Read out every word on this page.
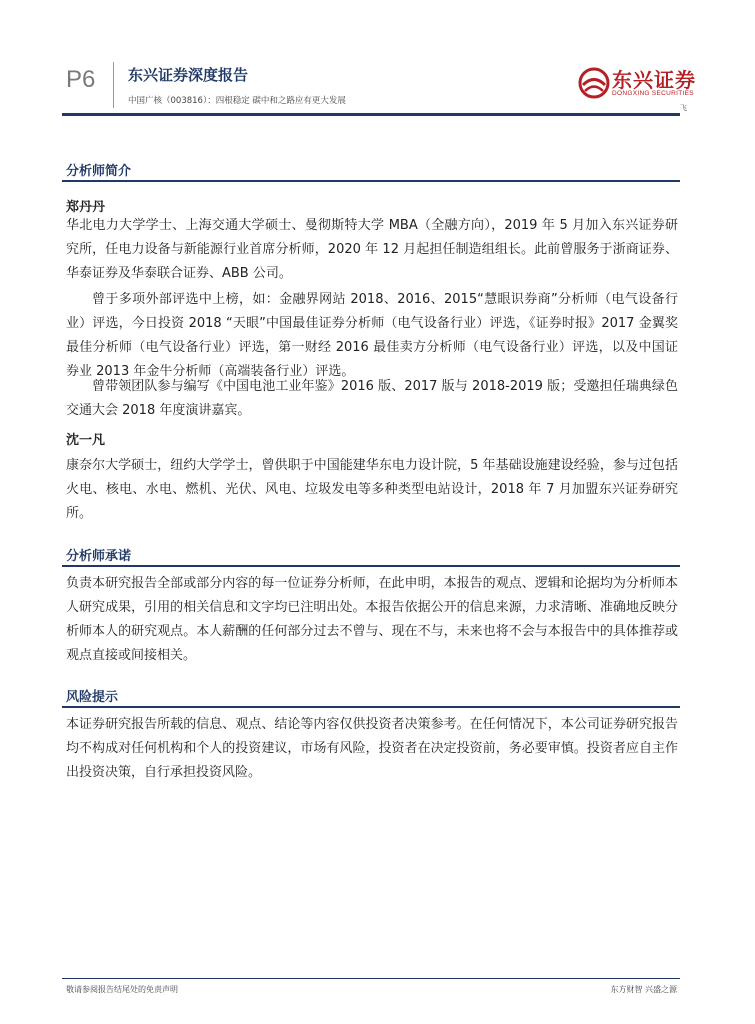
P6 东兴证券深度报告
中国广核（003816）：四根稳定 碳中和之路应有更大发展
东兴证券
DONGXING SECURITIES
飞
分析师简介
郑丹丹

华北电力大学学士、上海交通大学硕士、曼彻斯特大学 MBA（全融方向），2019 年 5 月加入东兴证券研究所，任电力设备与新能源行业首席分析师，2020 年 12 月起担任制造组组长。此前曾服务于浙商证券、华泰证券及华泰联合证券、ABB 公司。

曾于多项外部评选中上榜，如：金融界网站 2018、2016、2015“慧眼识券商”分析师（电气设备行业）评选，今日投资 2018 “天眼”中国最佳证券分析师（电气设备行业）评选，《证券时报》2017 金翼奖最佳分析师（电气设备行业）评选，第一财经 2016 最佳卖方分析师（电气设备行业）评选，以及中国证券业 2013 年金牛分析师（高端装备行业）评选。

曾带领团队参与编写《中国电池工业年鉴》2016 版、2017 版与 2018-2019 版；受邀担任瑞典绿色交通大会 2018 年度演讲嘉宾。

沈一凡

康奈尔大学硕士，纽约大学学士，曾供职于中国能建华东电力设计院，5 年基础设施建设经验，参与过包括火电、核电、水电、燃机、光伏、风电、垃圾发电等多种类型电站设计，2018 年 7 月加盟东兴证券研究所。

分析师承诺

负责本研究报告全部或部分内容的每一位证券分析师，在此申明，本报告的观点、逻辑和论据均为分析师本人研究成果，引用的相关信息和文字均已注明出处。本报告依据公开的信息来源，力求清晰、准确地反映分析师本人的研究观点。本人薪酬的任何部分过去不曾与、现在不与，未来也将不会与本报告中的具体推荐或观点直接或间接相关。

风险提示

本证券研究报告所载的信息、观点、结论等内容仅供投资者决策参考。在任何情况下，本公司证券研究报告均不构成对任何机构和个人的投资建议，市场有风险，投资者在决定投资前，务必要审慎。投资者应自主作出投资决策，自行承担投资风险。

敬请参阅报告结尾处的免责声明	东方财智 兴盛之源
